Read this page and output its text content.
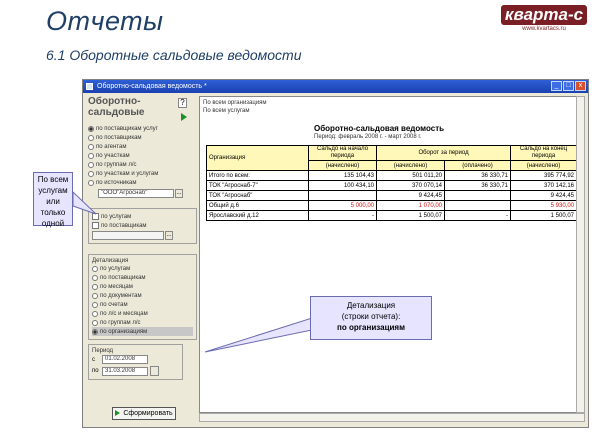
Отчеты
6.1 Оборотные сальдовые ведомости
кварта-с
www.kvartacs.ru
Оборотно-сальдовая ведомость *	_	□	x
Оборотно-
сальдовые
?
по поставщикам услуг
по поставщикам
по агентам
по участкам
по группам л/с
по участкам и услугам
по источникам
"ООО"Агроснаб"	...
по услугам
по поставщикам
...
Детализация
по услугам
по поставщикам
по месяцам
по документам
по счетам
по л/с и месяцам
по группам л/с
по организациям
Период
с	01.02.2008
по	31.03.2008
Сформировать
По всем организациям
По всем услугам
Оборотно-сальдовая ведомость
Период: февраль 2008 г. - март 2008 г.
Организация	Сальдо на начало периода	Оборот за период		Сальдо на конец периода
	(начислено)	(начислено)	(оплачено)	(начислено)
Итого по всем:	135 104,43	501 011,20	36 330,71	395 774,92
ТОК "Агроснаб-7"	100 434,10	370 070,14	36 330,71	370 142,16
ТОК "Агроснаб"		9 424,45		9 424,45
Общий д.6	5 000,00	1 070,00		5 930,00
Ярославский д.12	-	1 500,07	-	1 500,07
По всем услугам или только одной
Детализация
(строки отчета):
по организациям
